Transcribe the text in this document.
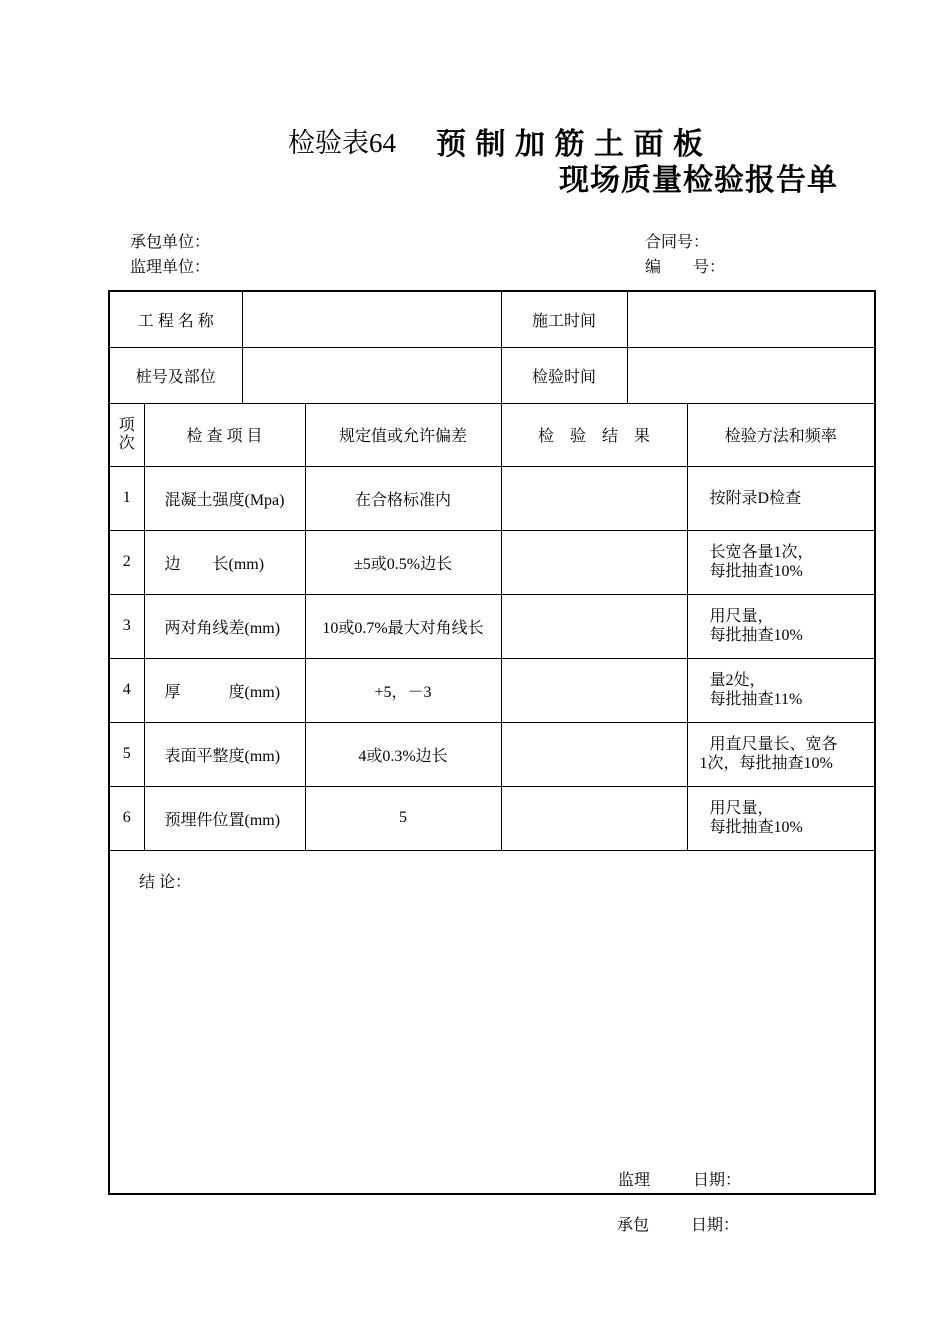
检验表64 预 制 加 筋 土 面 板
现场质量检验报告单
承包单位：
监理单位：
合同号：
编　　号：
工 程 名 称				施工时间		
桩号及部位				检验时间		
项
次	检 查 项 目		规定值或允许偏差	检　验　结　果		检验方法和频率
1	混凝土强度(Mpa)		在合格标准内			按附录D检查
2	边　　长(mm)		±5或0.5%边长			长宽各量1次，
每批抽查10%
3	两对角线差(mm)		10或0.7%最大对角线长			用尺量，
每批抽查10%
4	厚　　　度(mm)		+5，－3			量2处，
每批抽查11%
5	表面平整度(mm)		4或0.3%边长			用直尺量长、宽各
1次，每批抽查10%
6	预埋件位置(mm)		5			用尺量，
每批抽查10%

结 论：
监理 日期：						
承包	日期：
